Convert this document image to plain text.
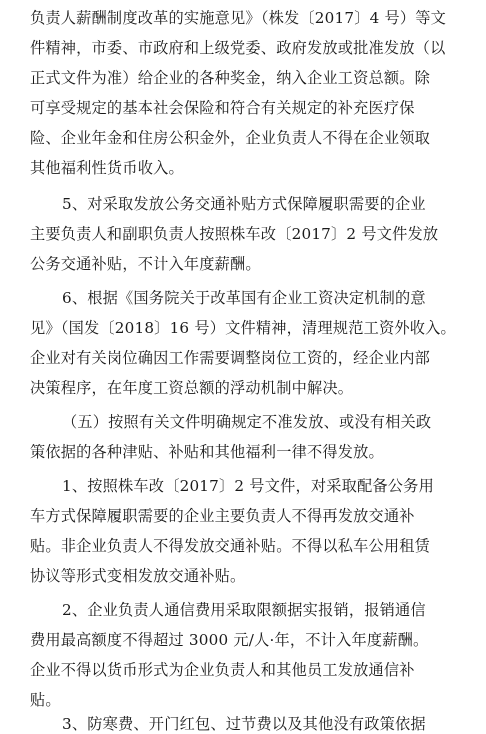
负责人薪酬制度改革的实施意见》（株发〔2017〕4 号）等文
件精神，市委、市政府和上级党委、政府发放或批准发放（以
正式文件为准）给企业的各种奖金，纳入企业工资总额。除
可享受规定的基本社会保险和符合有关规定的补充医疗保
险、企业年金和住房公积金外，企业负责人不得在企业领取
其他福利性货币收入。
5、对采取发放公务交通补贴方式保障履职需要的企业
主要负责人和副职负责人按照株车改〔2017〕2 号文件发放
公务交通补贴，不计入年度薪酬。
6、根据《国务院关于改革国有企业工资决定机制的意
见》（国发〔2018〕16 号）文件精神，清理规范工资外收入。
企业对有关岗位确因工作需要调整岗位工资的，经企业内部
决策程序，在年度工资总额的浮动机制中解决。
（五）按照有关文件明确规定不准发放、或没有相关政
策依据的各种津贴、补贴和其他福利一律不得发放。
1、按照株车改〔2017〕2 号文件，对采取配备公务用
车方式保障履职需要的企业主要负责人不得再发放交通补
贴。非企业负责人不得发放交通补贴。不得以私车公用租赁
协议等形式变相发放交通补贴。
2、企业负责人通信费用采取限额据实报销，报销通信
费用最高额度不得超过 3000 元/人·年，不计入年度薪酬。
企业不得以货币形式为企业负责人和其他员工发放通信补
贴。
3、防寒费、开门红包、过节费以及其他没有政策依据
